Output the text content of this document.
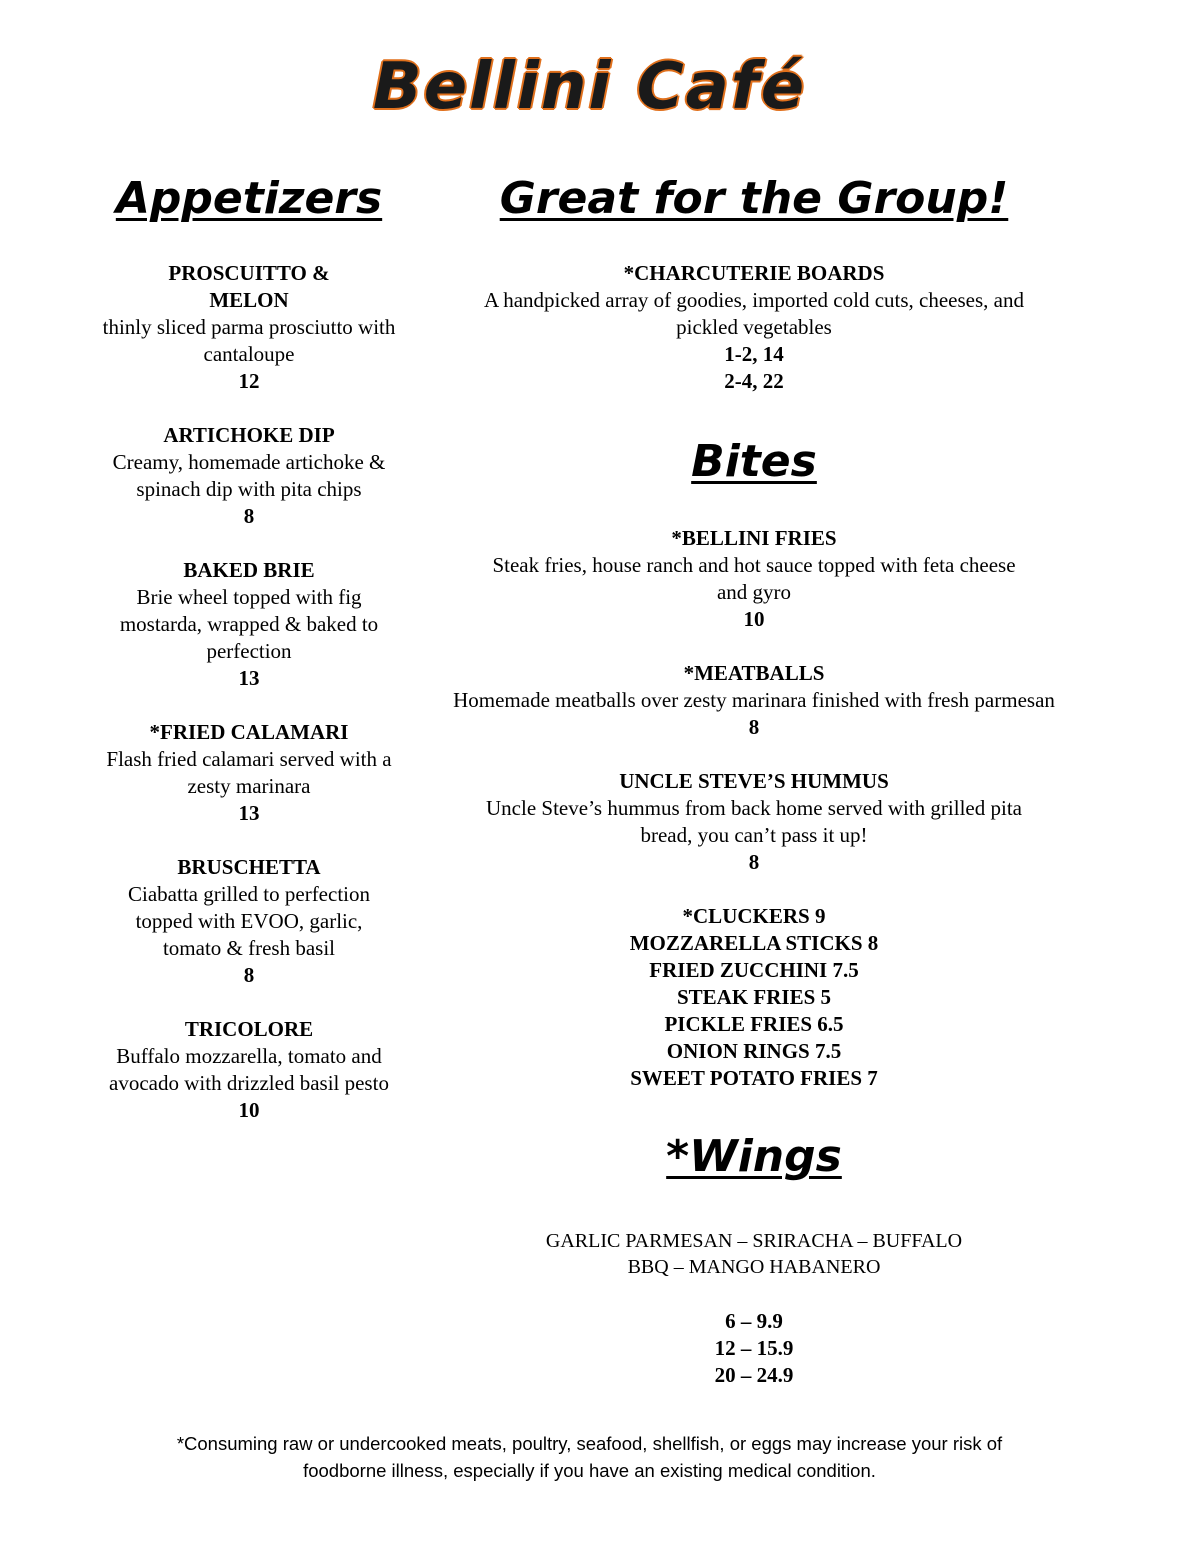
Bellini Café
Appetizers
PROSCUITTO & MELON
thinly sliced parma prosciutto with cantaloupe
12
ARTICHOKE DIP
Creamy, homemade artichoke & spinach dip with pita chips
8
BAKED BRIE
Brie wheel topped with fig mostarda, wrapped & baked to perfection
13
*FRIED CALAMARI
Flash fried calamari served with a zesty marinara
13
BRUSCHETTA
Ciabatta grilled to perfection topped with EVOO, garlic, tomato & fresh basil
8
TRICOLORE
Buffalo mozzarella, tomato and avocado with drizzled basil pesto
10
Great for the Group!
*CHARCUTERIE BOARDS
A handpicked array of goodies, imported cold cuts, cheeses, and pickled vegetables
1-2, 14
2-4, 22
Bites
*BELLINI FRIES
Steak fries, house ranch and hot sauce topped with feta cheese and gyro
10
*MEATBALLS
Homemade meatballs over zesty marinara finished with fresh parmesan
8
UNCLE STEVE’S HUMMUS
Uncle Steve’s hummus from back home served with grilled pita bread, you can’t pass it up!
8
*CLUCKERS 9
MOZZARELLA STICKS 8
FRIED ZUCCHINI 7.5
STEAK FRIES 5
PICKLE FRIES 6.5
ONION RINGS 7.5
SWEET POTATO FRIES 7
*Wings
GARLIC PARMESAN – SRIRACHA – BUFFALO
BBQ – MANGO HABANERO
6 – 9.9
12 – 15.9
20 – 24.9
*Consuming raw or undercooked meats, poultry, seafood, shellfish, or eggs may increase your risk of
foodborne illness, especially if you have an existing medical condition.
